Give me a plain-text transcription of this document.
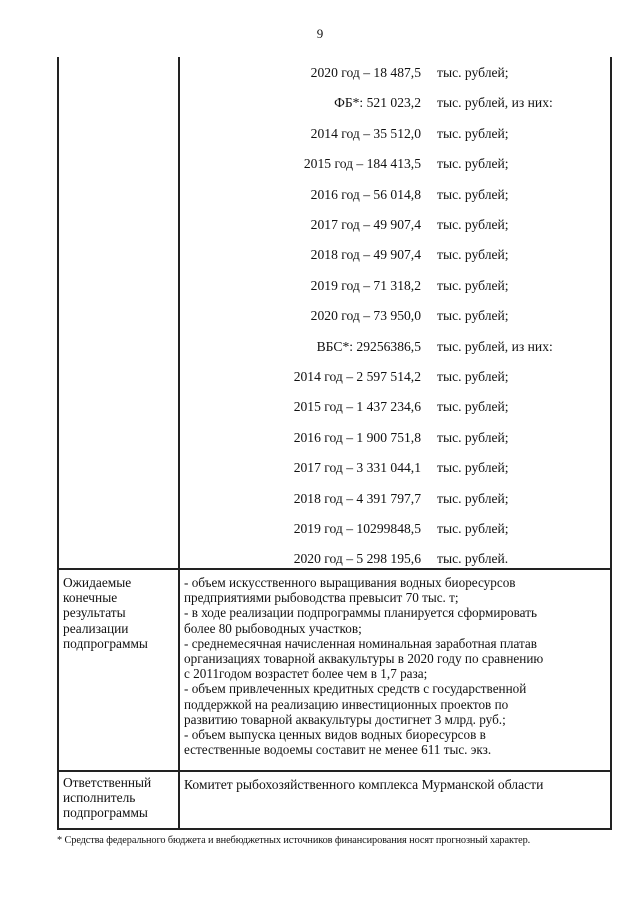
9
2020 год – 18 487,5 тыс. рублей;
ФБ*: 521 023,2 тыс. рублей, из них:
2014 год – 35 512,0 тыс. рублей;
2015 год – 184 413,5 тыс. рублей;
2016 год – 56 014,8 тыс. рублей;
2017 год – 49 907,4 тыс. рублей;
2018 год – 49 907,4 тыс. рублей;
2019 год – 71 318,2 тыс. рублей;
2020 год – 73 950,0 тыс. рублей;
ВБС*: 29256386,5 тыс. рублей, из них:
2014 год – 2 597 514,2 тыс. рублей;
2015 год – 1 437 234,6 тыс. рублей;
2016 год – 1 900 751,8 тыс. рублей;
2017 год – 3 331 044,1 тыс. рублей;
2018 год – 4 391 797,7 тыс. рублей;
2019 год – 10299848,5 тыс. рублей;
2020 год – 5 298 195,6 тыс. рублей.
Ожидаемые
конечные
результаты
реализации
подпрограммы
- объем искусственного выращивания водных биоресурсов
предприятиями рыбоводства превысит 70 тыс. т;
- в ходе реализации подпрограммы планируется сформировать
более 80 рыбоводных участков;
- среднемесячная начисленная номинальная заработная платав
организациях товарной аквакультуры в 2020 году по сравнению
с 2011годом возрастет более чем в 1,7 раза;
- объем привлеченных кредитных средств с государственной
поддержкой на реализацию инвестиционных проектов по
развитию товарной аквакультуры достигнет 3 млрд. руб.;
- объем выпуска ценных видов водных биоресурсов в
естественные водоемы составит не менее 611 тыс. экз.
Ответственный
исполнитель
подпрограммы
Комитет рыбохозяйственного комплекса Мурманской области
* Средства федерального бюджета и внебюджетных источников финансирования носят прогнозный характер.
